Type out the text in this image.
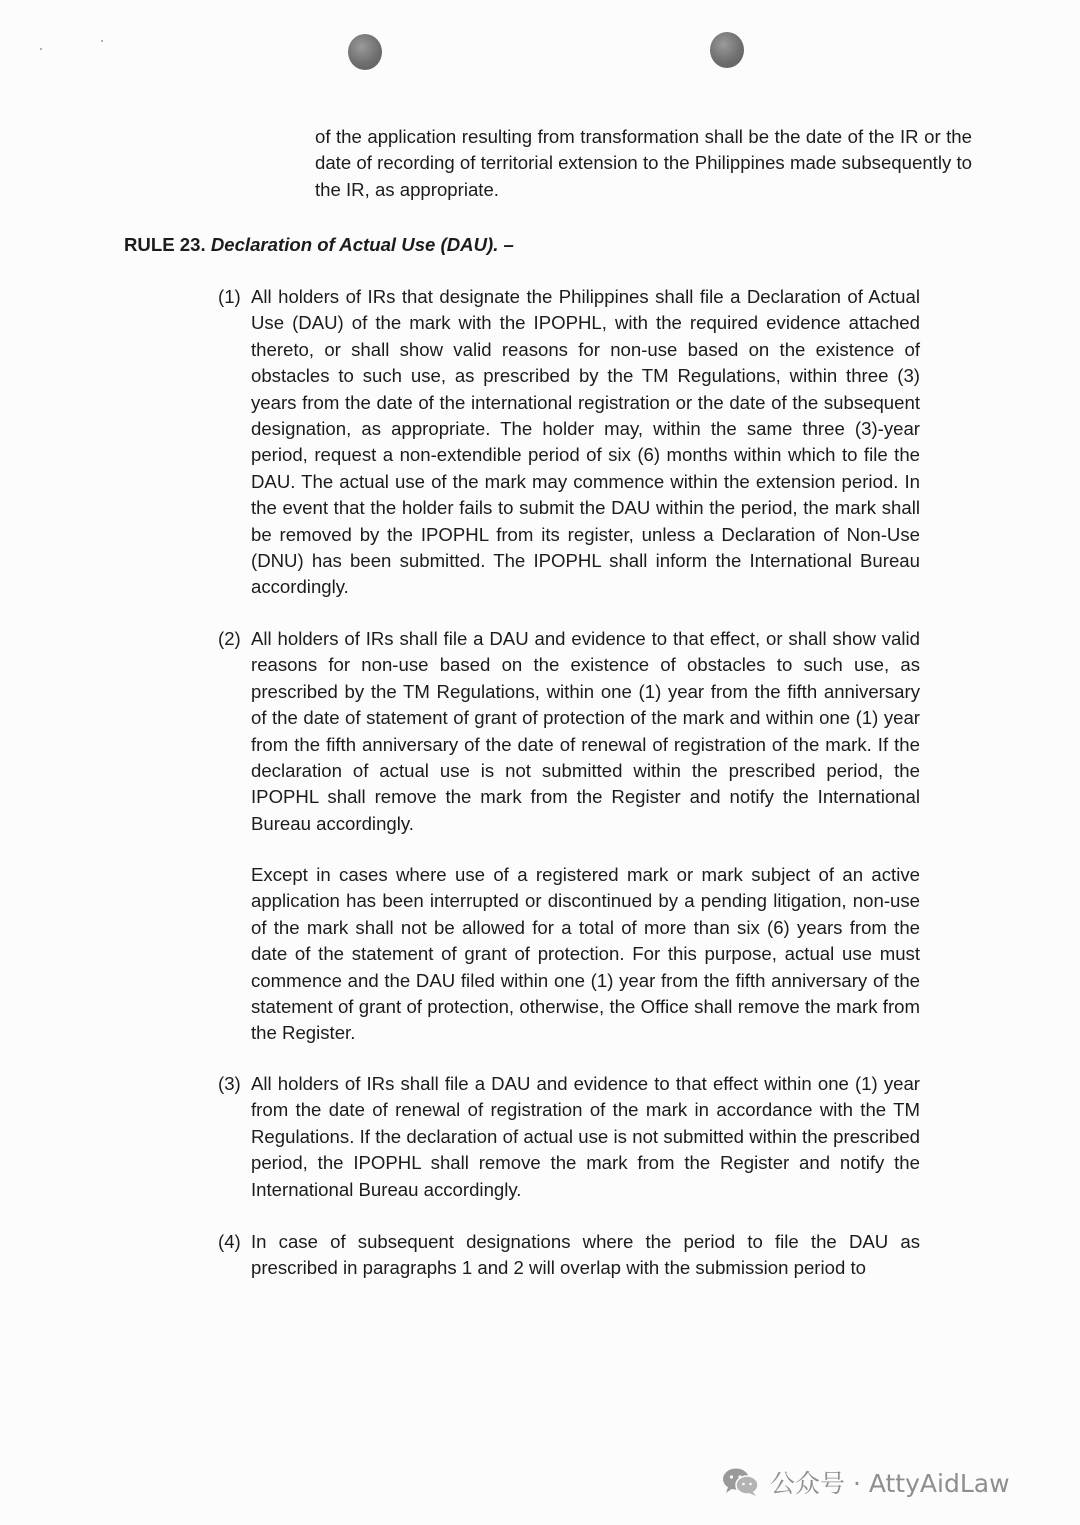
of the application resulting from transformation shall be the date of the IR or the date of recording of territorial extension to the Philippines made subsequently to the IR, as appropriate.

RULE 23. Declaration of Actual Use (DAU). –

(1) All holders of IRs that designate the Philippines shall file a Declaration of Actual Use (DAU) of the mark with the IPOPHL, with the required evidence attached thereto, or shall show valid reasons for non-use based on the existence of obstacles to such use, as prescribed by the TM Regulations, within three (3) years from the date of the international registration or the date of the subsequent designation, as appropriate. The holder may, within the same three (3)-year period, request a non-extendible period of six (6) months within which to file the DAU. The actual use of the mark may commence within the extension period. In the event that the holder fails to submit the DAU within the period, the mark shall be removed by the IPOPHL from its register, unless a Declaration of Non-Use (DNU) has been submitted. The IPOPHL shall inform the International Bureau accordingly.
(2) All holders of IRs shall file a DAU and evidence to that effect, or shall show valid reasons for non-use based on the existence of obstacles to such use, as prescribed by the TM Regulations, within one (1) year from the fifth anniversary of the date of statement of grant of protection of the mark and within one (1) year from the fifth anniversary of the date of renewal of registration of the mark. If the declaration of actual use is not submitted within the prescribed period, the IPOPHL shall remove the mark from the Register and notify the International Bureau accordingly.

Except in cases where use of a registered mark or mark subject of an active application has been interrupted or discontinued by a pending litigation, non-use of the mark shall not be allowed for a total of more than six (6) years from the date of the statement of grant of protection. For this purpose, actual use must commence and the DAU filed within one (1) year from the fifth anniversary of the statement of grant of protection, otherwise, the Office shall remove the mark from the Register.

(3) All holders of IRs shall file a DAU and evidence to that effect within one (1) year from the date of renewal of registration of the mark in accordance with the TM Regulations. If the declaration of actual use is not submitted within the prescribed period, the IPOPHL shall remove the mark from the Register and notify the International Bureau accordingly.
(4) In case of subsequent designations where the period to file the DAU as prescribed in paragraphs 1 and 2 will overlap with the submission period to
公众号 · AttyAidLaw
